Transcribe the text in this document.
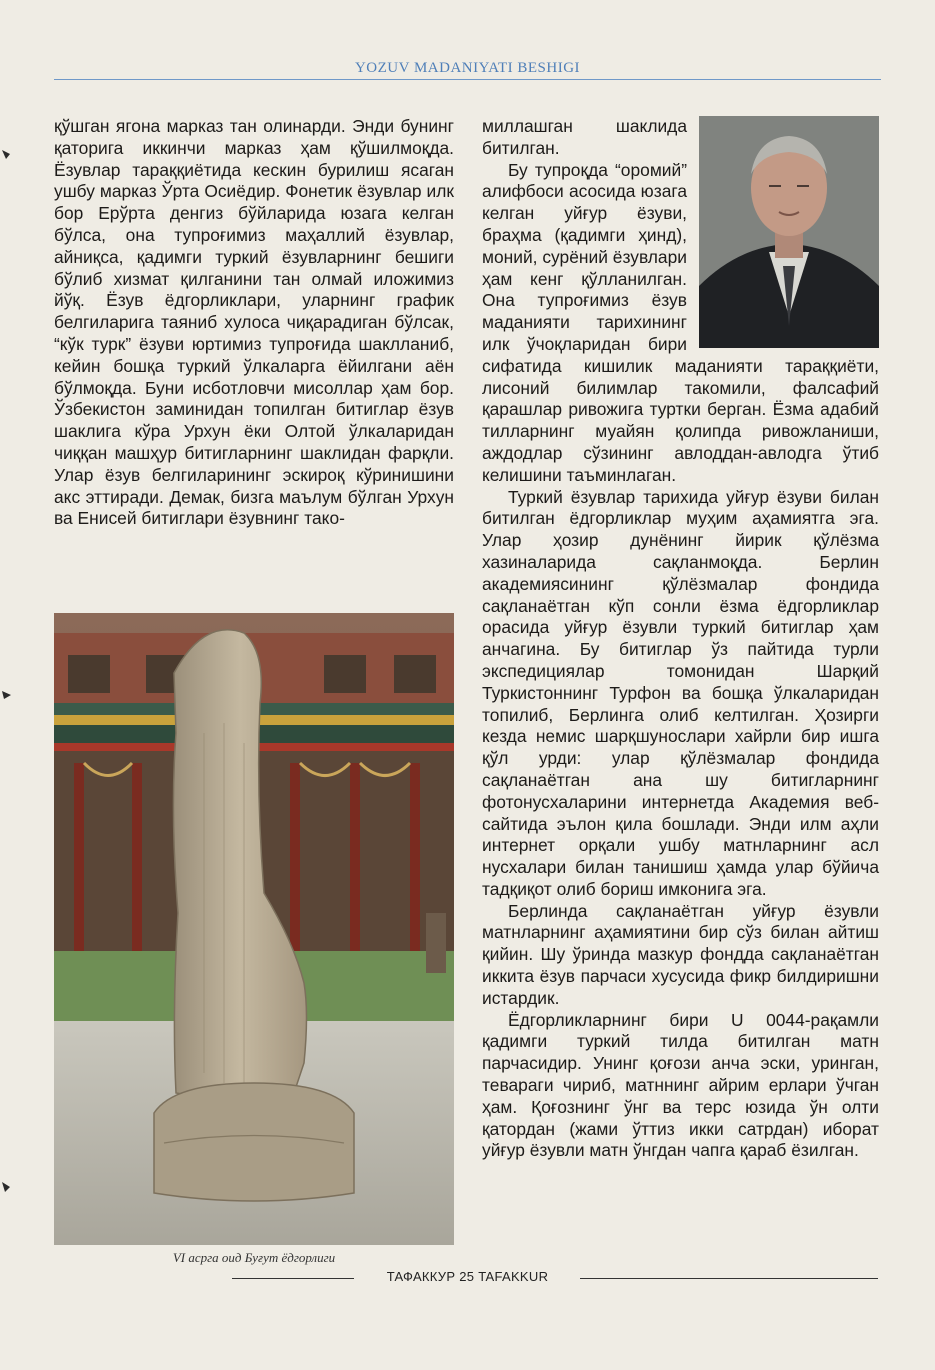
YOZUV MADANIYATI BESHIGI

қўшган ягона марказ тан олинарди. Энди бунинг қаторига иккинчи марказ ҳам қўшилмоқда. Ёзувлар тараққиётида кескин бурилиш ясаган ушбу марказ Ўрта Осиёдир. Фонетик ёзувлар илк бор Ерўрта денгиз бўйларида юзага келган бўлса, она тупроғимиз маҳаллий ёзувлар, айниқса, қадимги туркий ёзувларнинг бешиги бўлиб хизмат қилганини тан олмай иложимиз йўқ. Ёзув ёдгорликлари, уларнинг график белгиларига таяниб хулоса чиқарадиган бўлсак, “кўк турк” ёзуви юртимиз тупроғида шаклланиб, кейин бошқа туркий ўлкаларга ёйилгани аён бўлмоқда. Буни исботловчи мисоллар ҳам бор. Ўзбекистон заминидан топилган битиглар ёзув шаклига кўра Урхун ёки Олтой ўлкаларидан чиққан машҳур битигларнинг шаклидан фарқли. Улар ёзув белгиларининг эскироқ кўринишини акс эттиради. Демак, бизга маълум бўлган Урхун ва Енисей битиглари ёзувнинг тако-

VI асрга оид Буғут ёдгорлиги

миллашган шаклида битилган.

Бу тупроқда “оромий” алифбоси асосида юзага келган уйғур ёзуви, браҳма (қадимги ҳинд), моний, сурёний ёзувлари ҳам кенг қўлланилган. Она тупроғимиз ёзув маданияти тарихининг илк ўчоқларидан бири сифатида кишилик маданияти тараққиёти, лисоний билимлар такомили, фалсафий қарашлар ривожига туртки берган. Ёзма адабий тилларнинг муайян қолипда ривожланиши, аждодлар сўзининг авлоддан-авлодга ўтиб келишини таъминлаган.

Туркий ёзувлар тарихида уйғур ёзуви билан битилган ёдгорликлар муҳим аҳамиятга эга. Улар ҳозир дунёнинг йирик қўлёзма хазиналарида сақланмоқда. Берлин академиясининг қўлёзмалар фондида сақланаётган кўп сонли ёзма ёдгорликлар орасида уйғур ёзувли туркий битиглар ҳам анчагина. Бу битиглар ўз пайтида турли экспедициялар томонидан Шарқий Туркистоннинг Турфон ва бошқа ўлкаларидан топилиб, Берлинга олиб келтилган. Ҳозирги кезда немис шарқшунослари хайрли бир ишга қўл урди: улар қўлёзмалар фондида сақланаётган ана шу битигларнинг фотонусхаларини интернетда Академия веб-сайтида эълон қила бошлади. Энди илм аҳли интернет орқали ушбу матнларнинг асл нусхалари билан танишиш ҳамда улар бўйича тадқиқот олиб бориш имконига эга.

Берлинда сақланаётган уйғур ёзувли матнларнинг аҳамиятини бир сўз билан айтиш қийин. Шу ўринда мазкур фондда сақланаётган иккита ёзув парчаси хусусида фикр билдиришни истардик.

Ёдгорликларнинг бири U 0044-рақамли қадимги туркий тилда битилган матн парчасидир. Унинг қоғози анча эски, уринган, тевараги чириб, матннинг айрим ерлари ўчган ҳам. Қоғознинг ўнг ва терс юзида ўн олти қатордан (жами ўттиз икки сатрдан) иборат уйғур ёзувли матн ўнгдан чапга қараб ёзилган.

ТАФАККУР 25 TAFAKKUR
